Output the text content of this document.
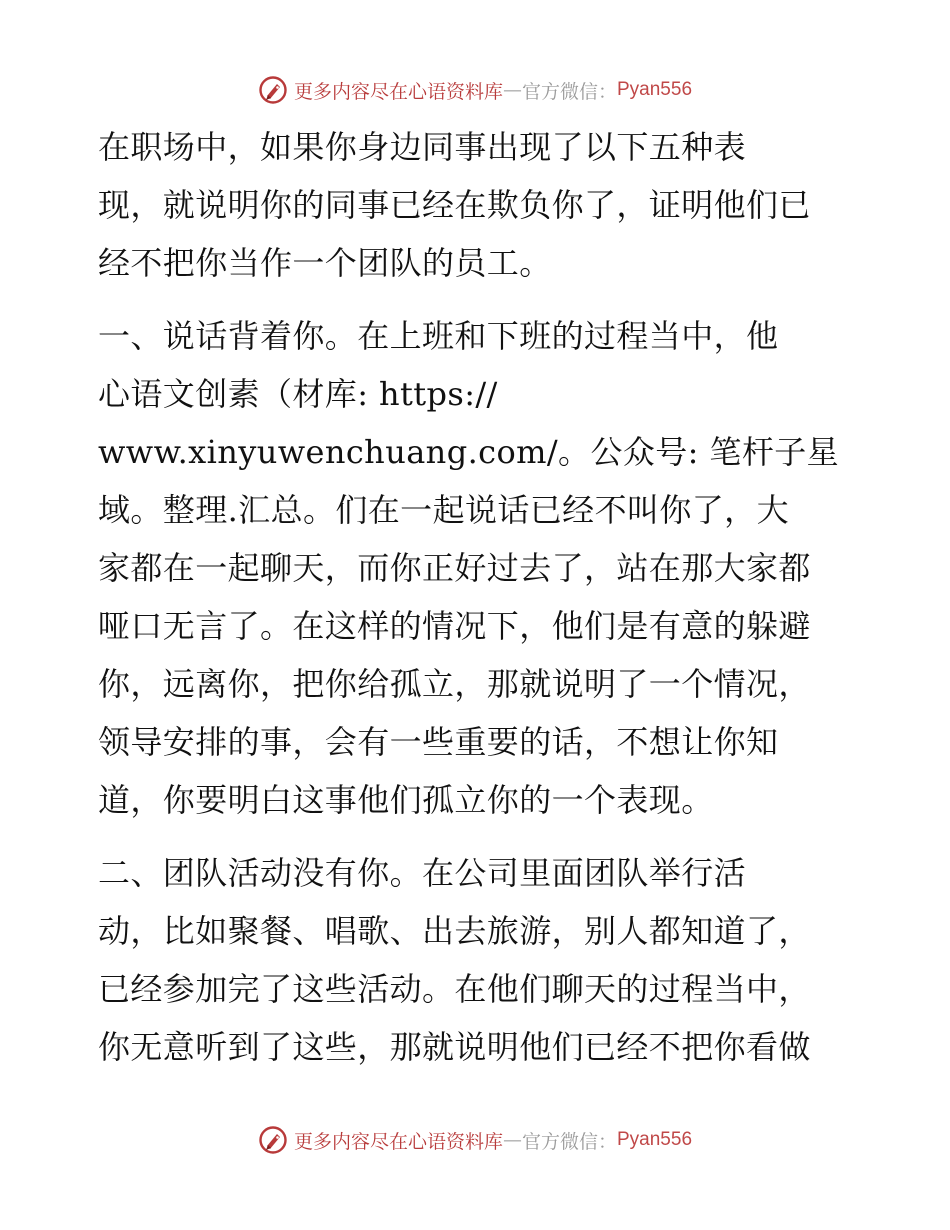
更多内容尽在心语资料库 — 官方微信： Pyan556
在职场中，如果你身边同事出现了以下五种表
现，就说明你的同事已经在欺负你了，证明他们已
经不把你当作一个团队的员工。
一、说话背着你。在上班和下班的过程当中，他
心语文创素（材库: https://
www.xinyuwenchuang.com/。公众号: 笔杆子星
域。整理.汇总。们在一起说话已经不叫你了，大
家都在一起聊天，而你正好过去了，站在那大家都
哑口无言了。在这样的情况下，他们是有意的躲避
你，远离你，把你给孤立，那就说明了一个情况，
领导安排的事，会有一些重要的话，不想让你知
道，你要明白这事他们孤立你的一个表现。
二、团队活动没有你。在公司里面团队举行活
动，比如聚餐、唱歌、出去旅游，别人都知道了，
已经参加完了这些活动。在他们聊天的过程当中，
你无意听到了这些，那就说明他们已经不把你看做
更多内容尽在心语资料库 — 官方微信： Pyan556
